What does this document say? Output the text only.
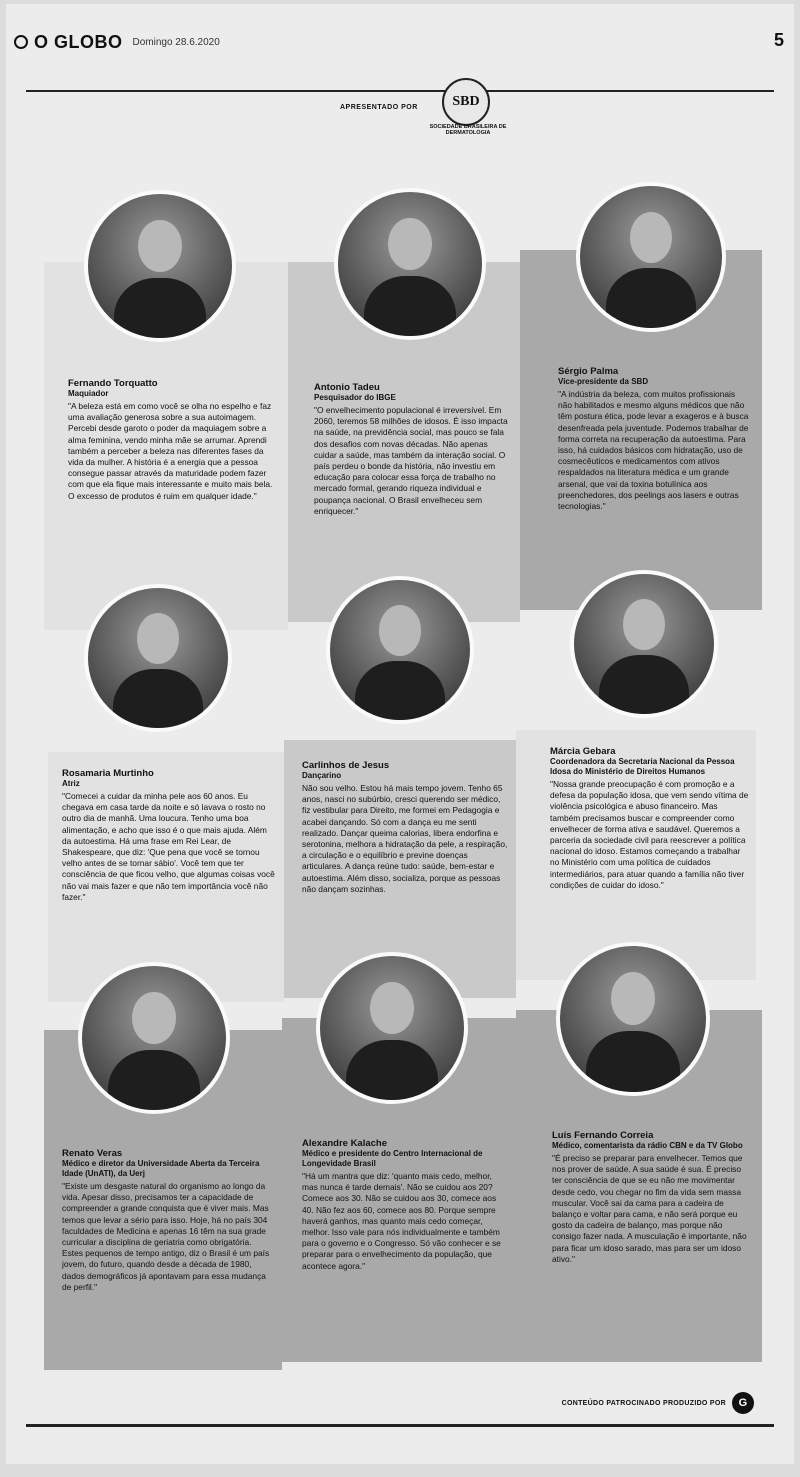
O GLOBO Domingo 28.6.2020	5
APRESENTADO POR SBD
SOCIEDADE BRASILEIRA DE DERMATOLOGIA
Fernando Torquatto
Maquiador
"A beleza está em como você se olha no espelho e faz uma avaliação generosa sobre a sua autoimagem. Percebi desde garoto o poder da maquiagem sobre a alma feminina, vendo minha mãe se arrumar. Aprendi também a perceber a beleza nas diferentes fases da vida da mulher. A história é a energia que a pessoa consegue passar através da maturidade podem fazer com que ela fique mais interessante e muito mais bela. O excesso de produtos é ruim em qualquer idade."
Antonio Tadeu
Pesquisador do IBGE
"O envelhecimento populacional é irreversível. Em 2060, teremos 58 milhões de idosos. É isso impacta na saúde, na previdência social, mas pouco se fala dos desafios com novas décadas. Não apenas cuidar a saúde, mas também da interação social. O país perdeu o bonde da história, não investiu em educação para colocar essa força de trabalho no mercado formal, gerando riqueza individual e poupança nacional. O Brasil envelheceu sem enriquecer."
Sérgio Palma
Vice-presidente da SBD
"A indústria da beleza, com muitos profissionais não habilitados e mesmo alguns médicos que não têm postura ética, pode levar a exageros e à busca desenfreada pela juventude. Podemos trabalhar de forma correta na recuperação da autoestima. Para isso, há cuidados básicos com hidratação, uso de cosmecêuticos e medicamentos com ativos respaldados na literatura médica e um grande arsenal, que vai da toxina botulínica aos preenchedores, dos peelings aos lasers e outras tecnologias."
Rosamaria Murtinho
Atriz
"Comecei a cuidar da minha pele aos 60 anos. Eu chegava em casa tarde da noite e só lavava o rosto no outro dia de manhã. Uma loucura. Tenho uma boa alimentação, e acho que isso é o que mais ajuda. Além da autoestima. Há uma frase em Rei Lear, de Shakespeare, que diz: 'Que pena que você se tornou velho antes de se tornar sábio'. Você tem que ter consciência de que ficou velho, que algumas coisas você não vai mais fazer e que não tem importância você não fazer."
Carlinhos de Jesus
Dançarino
Não sou velho. Estou há mais tempo jovem. Tenho 65 anos, nasci no subúrbio, cresci querendo ser médico, fiz vestibular para Direito, me formei em Pedagogia e acabei dançando. Só com a dança eu me senti realizado. Dançar queima calorias, libera endorfina e serotonina, melhora a hidratação da pele, a respiração, a circulação e o equilíbrio e previne doenças articulares. A dança reúne tudo: saúde, bem-estar e autoestima. Além disso, socializa, porque as pessoas não dançam sozinhas.
Márcia Gebara
Coordenadora da Secretaria Nacional da Pessoa Idosa do Ministério de Direitos Humanos
"Nossa grande preocupação é com promoção e a defesa da população idosa, que vem sendo vítima de violência psicológica e abuso financeiro. Mas também precisamos buscar e compreender como envelhecer de forma ativa e saudável. Queremos a parceria da sociedade civil para reescrever a política nacional do idoso. Estamos começando a trabalhar no Ministério com uma política de cuidados intermediários, para atuar quando a família não tiver condições de cuidar do idoso."
Renato Veras
Médico e diretor da Universidade Aberta da Terceira Idade (UnATI), da Uerj
"Existe um desgaste natural do organismo ao longo da vida. Apesar disso, precisamos ter a capacidade de compreender a grande conquista que é viver mais. Mas temos que levar a sério para isso. Hoje, há no país 304 faculdades de Medicina e apenas 16 têm na sua grade curricular a disciplina de geriatria como obrigatória. Estes pequenos de tempo antigo, diz o Brasil é um país jovem, do futuro, quando desde a década de 1980, dados demográficos já apontavam para essa mudança de perfil."
Alexandre Kalache
Médico e presidente do Centro Internacional de Longevidade Brasil
"Há um mantra que diz: 'quanto mais cedo, melhor, mas nunca é tarde demais'. Não se cuidou aos 20? Comece aos 30. Não se cuidou aos 30, comece aos 40. Não fez aos 60, comece aos 80. Porque sempre haverá ganhos, mas quanto mais cedo começar, melhor. Isso vale para nós individualmente e também para o governo e o Congresso. Só vão conhecer e se preparar para o envelhecimento da população, que acontece agora."
Luís Fernando Correia
Médico, comentarista da rádio CBN e da TV Globo
"É preciso se preparar para envelhecer. Temos que nos prover de saúde. A sua saúde é sua. É preciso ter consciência de que se eu não me movimentar desde cedo, vou chegar no fim da vida sem massa muscular. Você sai da cama para a cadeira de balanço e voltar para cama, e não será porque eu gosto da cadeira de balanço, mas porque não consigo fazer nada. A musculação é importante, não para ficar um idoso sarado, mas para ser um idoso ativo."
CONTEÚDO PATROCINADO PRODUZIDO POR	G
